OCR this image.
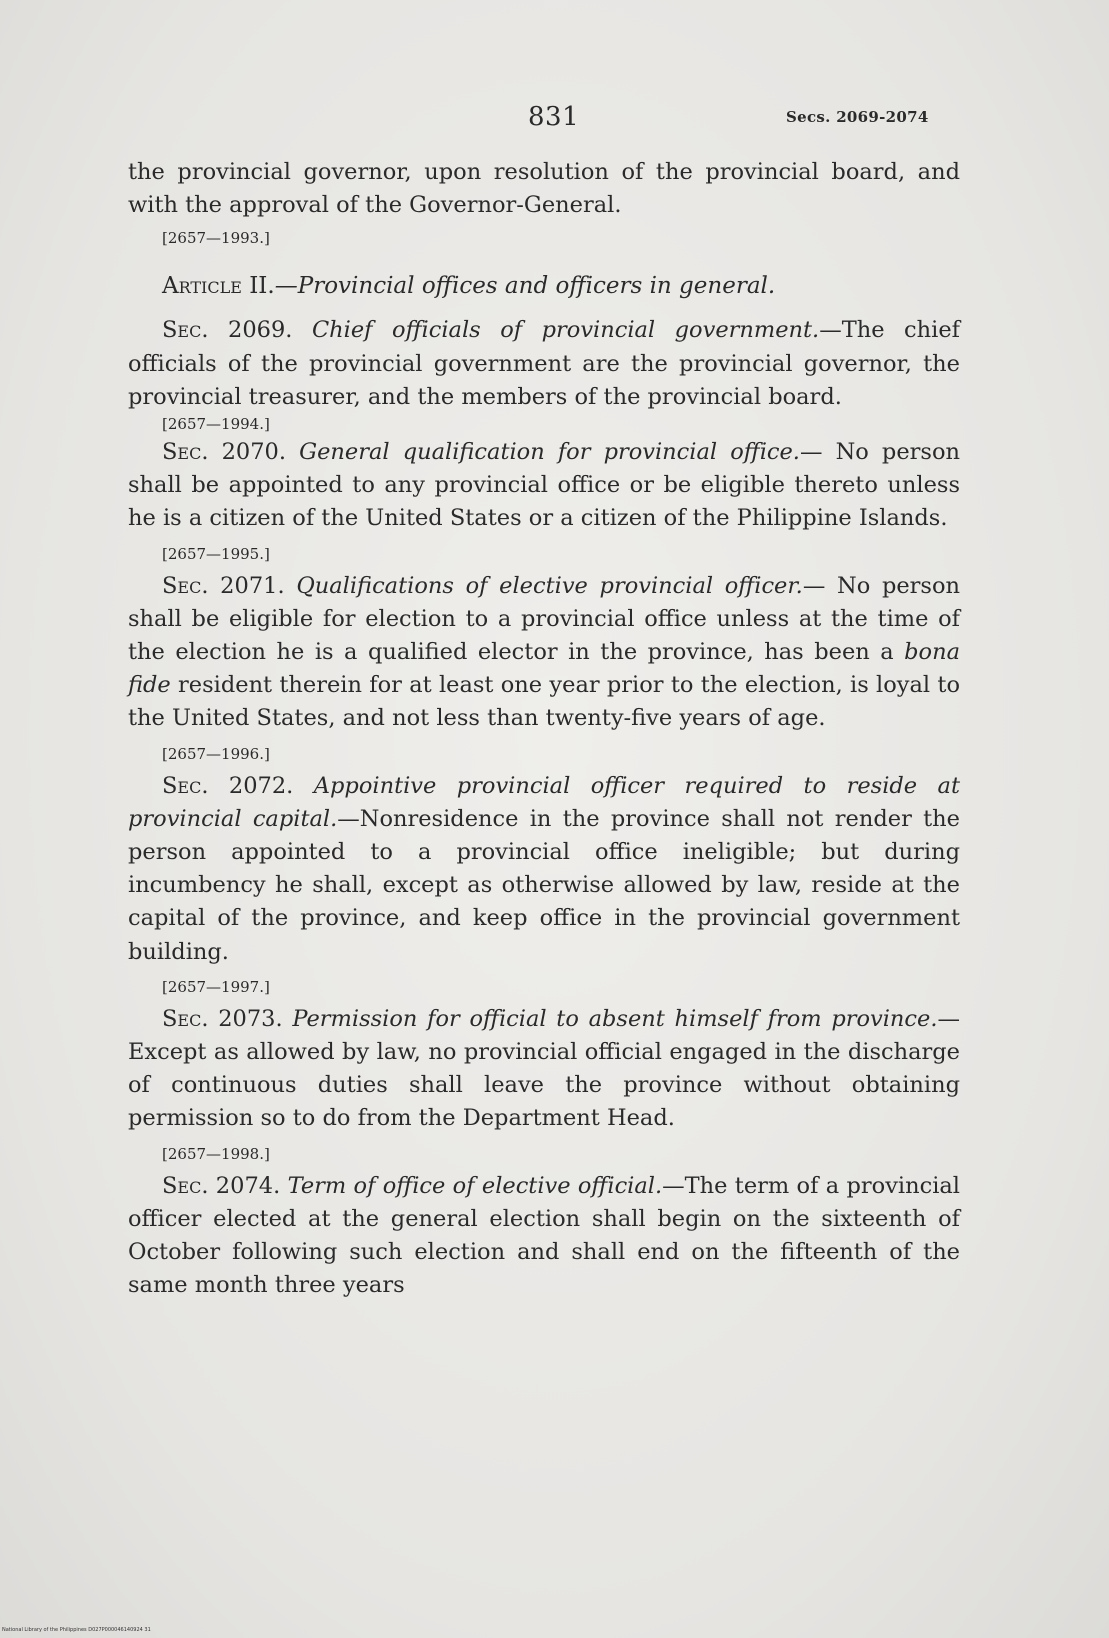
831	Secs. 2069-2074

the provincial governor, upon resolution of the provincial board, and with the approval of the Governor-General.

[2657—1993.]
Article II.—Provincial offices and officers in general.

Sec. 2069. Chief officials of provincial government.—The chief officials of the provincial government are the provincial governor, the provincial treasurer, and the members of the provincial board.

[2657—1994.]

Sec. 2070. General qualification for provincial office.— No person shall be appointed to any provincial office or be eligible thereto unless he is a citizen of the United States or a citizen of the Philippine Islands.

[2657—1995.]

Sec. 2071. Qualifications of elective provincial officer.— No person shall be eligible for election to a provincial office unless at the time of the election he is a qualified elector in the province, has been a bona fide resident therein for at least one year prior to the election, is loyal to the United States, and not less than twenty-five years of age.

[2657—1996.]

Sec. 2072. Appointive provincial officer required to reside at provincial capital.—Nonresidence in the province shall not render the person appointed to a provincial office ineligible; but during incumbency he shall, except as otherwise allowed by law, reside at the capital of the province, and keep office in the provincial government building.

[2657—1997.]

Sec. 2073. Permission for official to absent himself from province.—Except as allowed by law, no provincial official engaged in the discharge of continuous duties shall leave the province without obtaining permission so to do from the Department Head.

[2657—1998.]

Sec. 2074. Term of office of elective official.—The term of a provincial officer elected at the general election shall begin on the sixteenth of October following such election and shall end on the fifteenth of the same month three years

National Library of the Philippines D027P000046140924 31
